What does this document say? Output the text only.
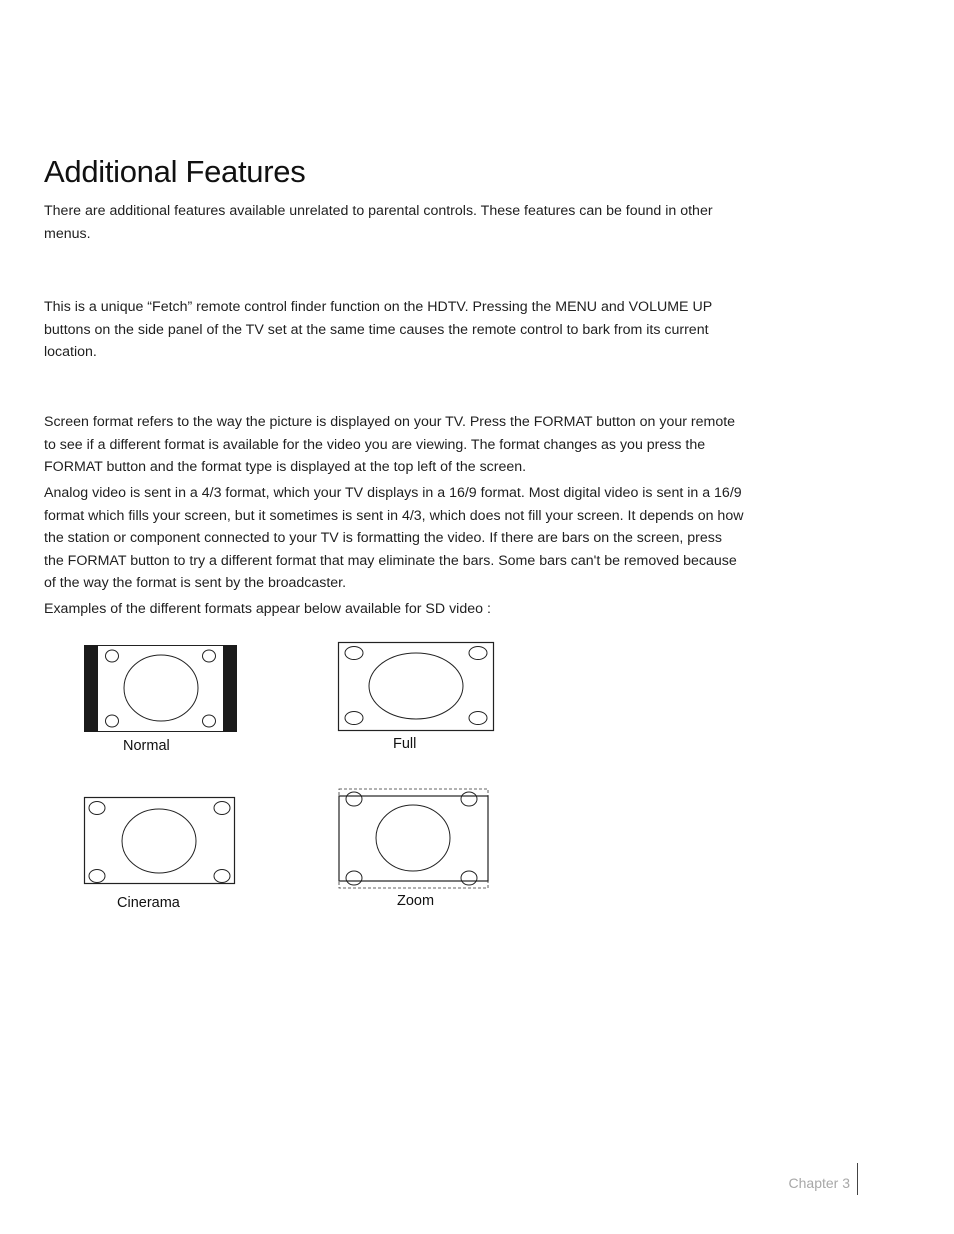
Additional Features

There are additional features available unrelated to parental controls. These features can be found in other menus.

This is a unique “Fetch” remote control finder function on the HDTV. Pressing the MENU and VOLUME UP buttons on the side panel of the TV set at the same time causes the remote control to bark from its current location.

Screen format refers to the way the picture is displayed on your TV. Press the FORMAT button on your remote to see if a different format is available for the video you are viewing. The format changes as you press the FORMAT button and the format type is displayed at the top left of the screen.

Analog video is sent in a 4/3 format, which your TV displays in a 16/9 format. Most digital video is sent in a 16/9 format which fills your screen, but it sometimes is sent in 4/3, which does not fill your screen. It depends on how the station or component connected to your TV is formatting the video. If there are bars on the screen, press the FORMAT button to try a different format that may eliminate the bars. Some bars can't be removed because of the way the format is sent by the broadcaster.

Examples of the different formats appear below available for SD video :

Normal	Full
Cinerama	Zoom
Chapter 3
